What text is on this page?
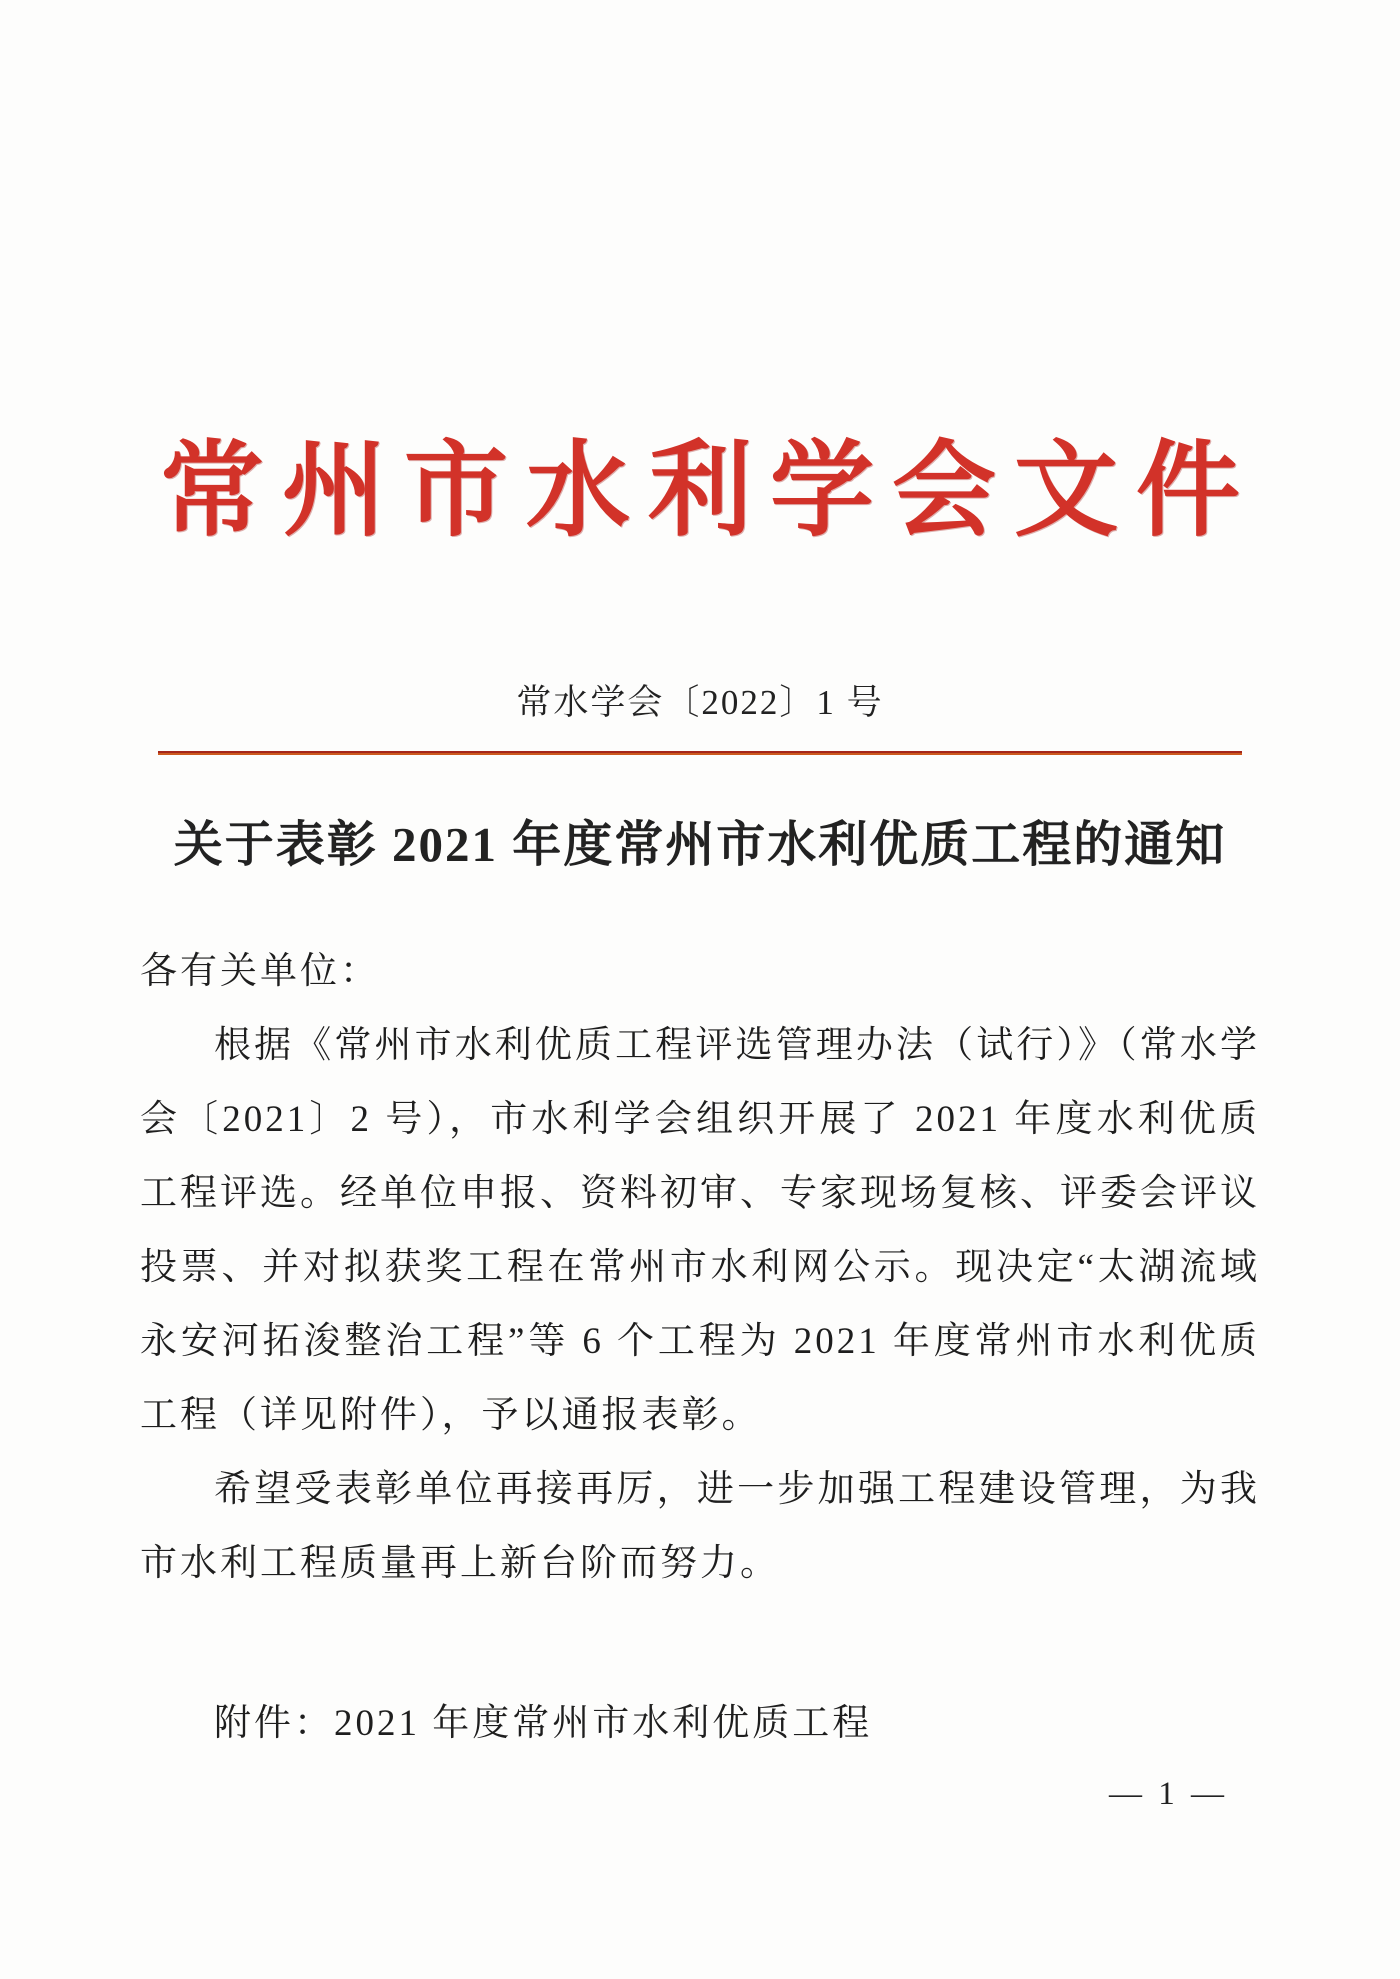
常州市水利学会文件
常水学会〔2022〕1 号
关于表彰 2021 年度常州市水利优质工程的通知

各有关单位：

根据《常州市水利优质工程评选管理办法（试行）》（常水学会〔2021〕2 号），市水利学会组织开展了 2021 年度水利优质工程评选。经单位申报、资料初审、专家现场复核、评委会评议投票、并对拟获奖工程在常州市水利网公示。现决定“太湖流域永安河拓浚整治工程”等 6 个工程为 2021 年度常州市水利优质工程（详见附件），予以通报表彰。

希望受表彰单位再接再厉，进一步加强工程建设管理，为我市水利工程质量再上新台阶而努力。

附件：2021 年度常州市水利优质工程

— 1 —
